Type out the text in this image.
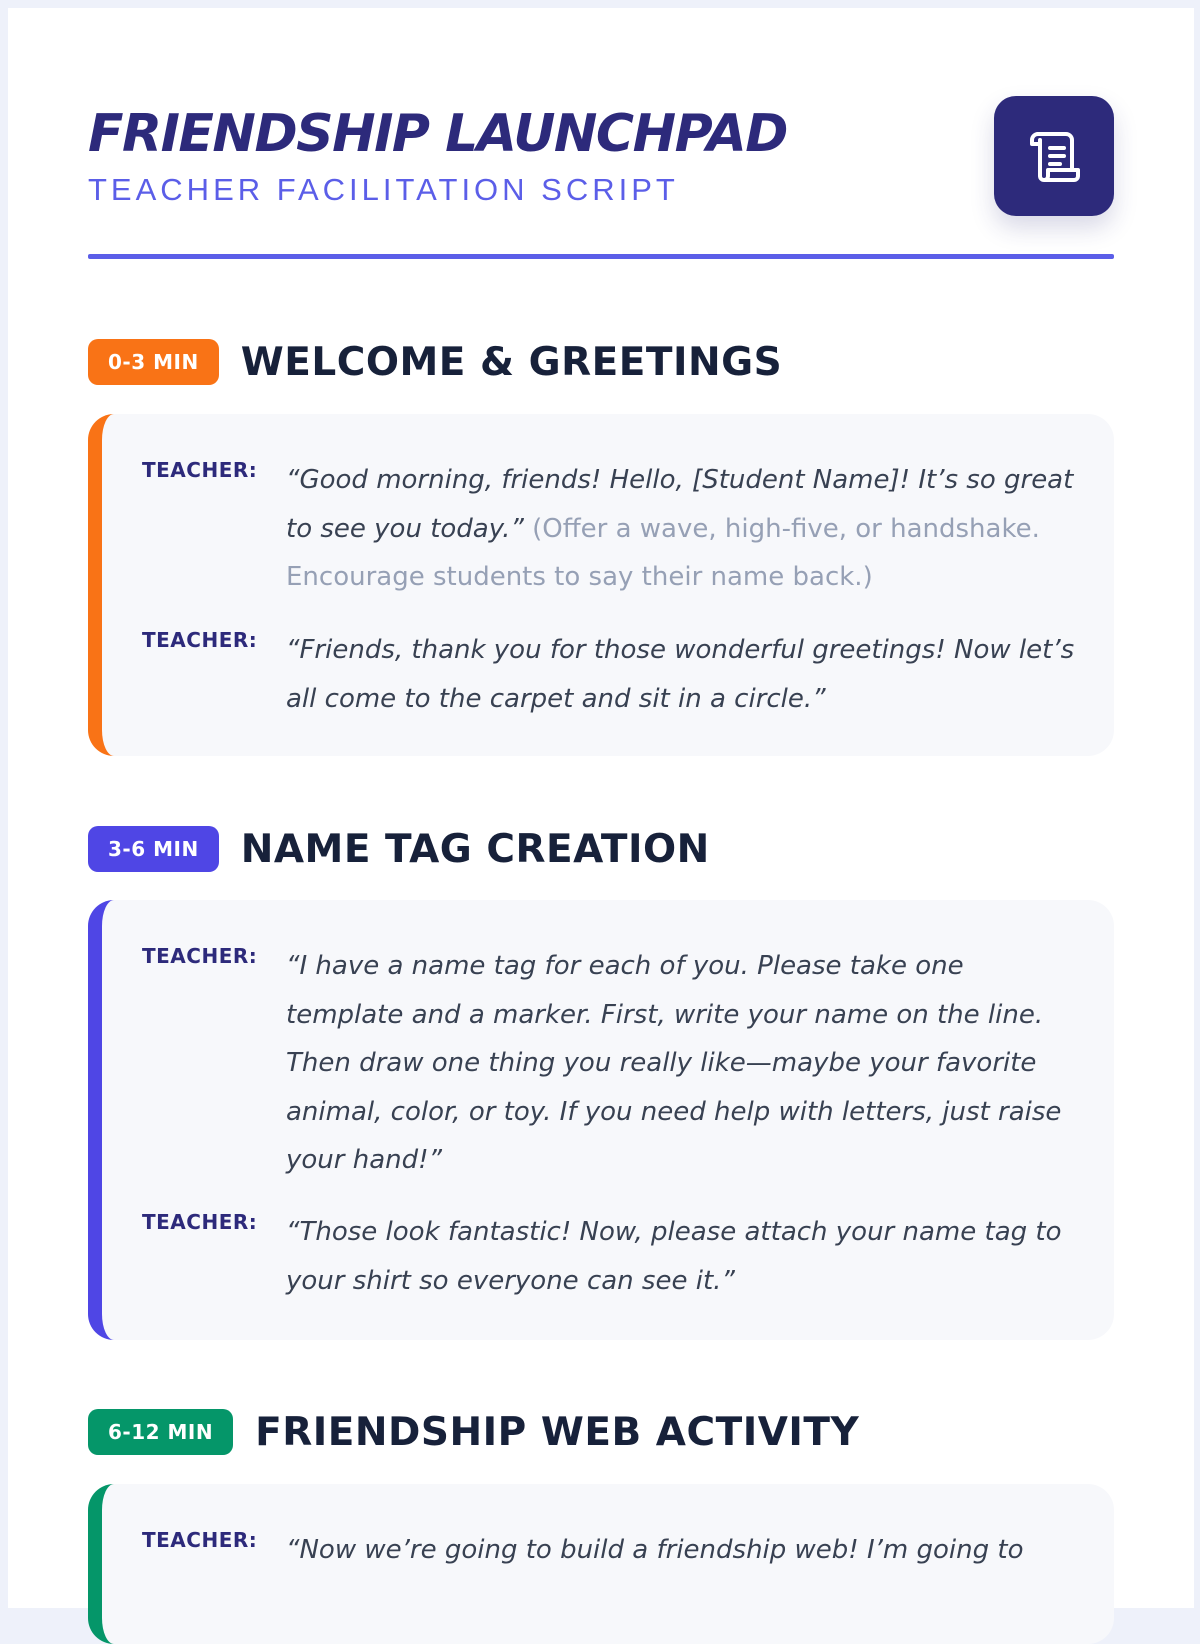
FRIENDSHIP LAUNCHPAD
TEACHER FACILITATION SCRIPT
0-3 MIN	WELCOME & GREETINGS
TEACHER: “Good morning, friends! Hello, [Student Name]! It’s so great to see you today.” (Offer a wave, high-five, or handshake. Encourage students to say their name back.)

TEACHER: “Friends, thank you for those wonderful greetings! Now let’s all come to the carpet and sit in a circle.”

3-6 MIN	NAME TAG CREATION
TEACHER: “I have a name tag for each of you. Please take one template and a marker. First, write your name on the line. Then draw one thing you really like—maybe your favorite animal, color, or toy. If you need help with letters, just raise your hand!”

TEACHER: “Those look fantastic! Now, please attach your name tag to your shirt so everyone can see it.”

6-12 MIN	FRIENDSHIP WEB ACTIVITY
TEACHER: “Now we’re going to build a friendship web! I’m going to
